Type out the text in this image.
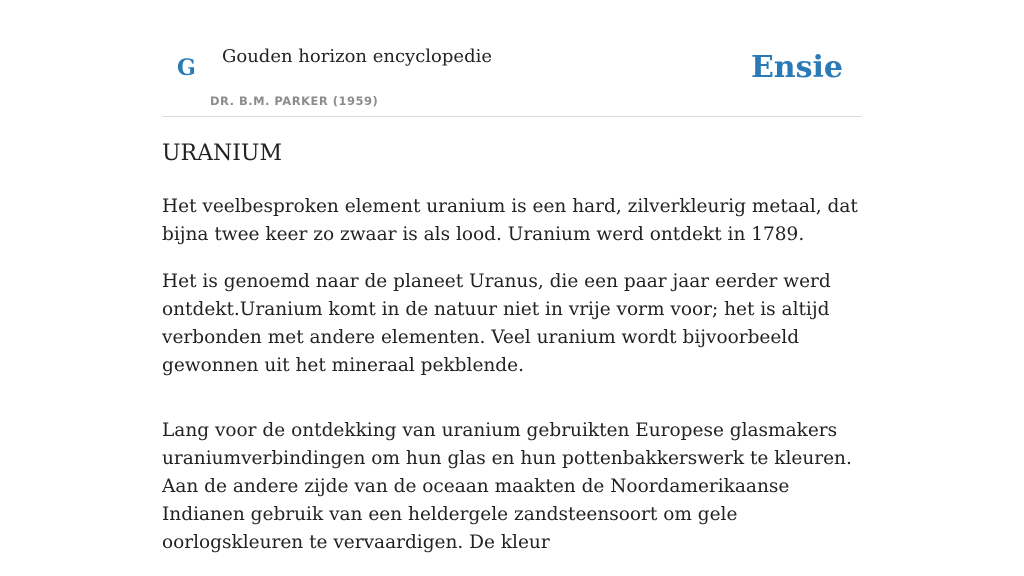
G Gouden horizon encyclopedie
DR. B.M. PARKER (1959)
Ensie
URANIUM

Het veelbesproken element uranium is een hard, zilverkleurig metaal, dat bijna twee keer zo zwaar is als lood. Uranium werd ontdekt in 1789.

Het is genoemd naar de planeet Uranus, die een paar jaar eerder werd ontdekt.Uranium komt in de natuur niet in vrije vorm voor; het is altijd verbonden met andere elementen. Veel uranium wordt bijvoorbeeld gewonnen uit het mineraal pekblende.

Lang voor de ontdekking van uranium gebruikten Europese glasmakers uraniumverbindingen om hun glas en hun pottenbakkerswerk te kleuren. Aan de andere zijde van de oceaan maakten de Noordamerikaanse Indianen gebruik van een heldergele zandsteensoort om gele oorlogskleuren te vervaardigen. De kleur
